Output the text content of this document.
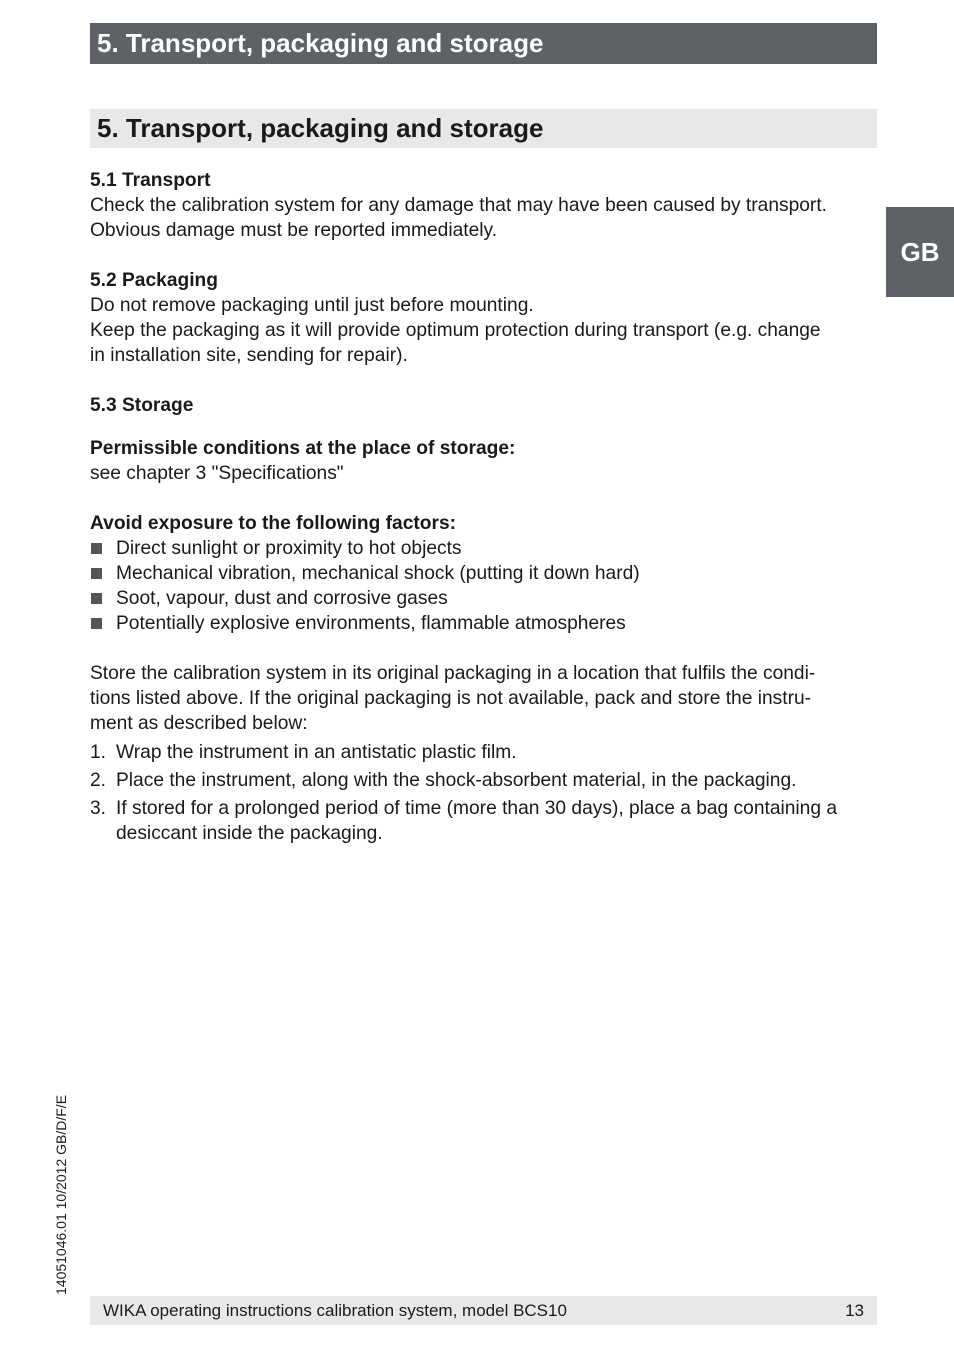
5. Transport, packaging and storage
5. Transport, packaging and storage
GB

5.1 Transport

Check the calibration system for any damage that may have been caused by transport.

Obvious damage must be reported immediately.

5.2 Packaging

Do not remove packaging until just before mounting.

Keep the packaging as it will provide optimum protection during transport (e.g. change

in installation site, sending for repair).

5.3 Storage

Permissible conditions at the place of storage:

see chapter 3 "Specifications"

Avoid exposure to the following factors:

Direct sunlight or proximity to hot objects
Mechanical vibration, mechanical shock (putting it down hard)
Soot, vapour, dust and corrosive gases
Potentially explosive environments, flammable atmospheres

Store the calibration system in its original packaging in a location that fulfils the condi-

tions listed above. If the original packaging is not available, pack and store the instru-

ment as described below:

1. Wrap the instrument in an antistatic plastic film.
2. Place the instrument, along with the shock-absorbent material, in the packaging.
3. If stored for a prolonged period of time (more than 30 days), place a bag containing a
desiccant inside the packaging.
14051046.01 10/2012 GB/D/F/E
WIKA operating instructions calibration system, model BCS10	13
